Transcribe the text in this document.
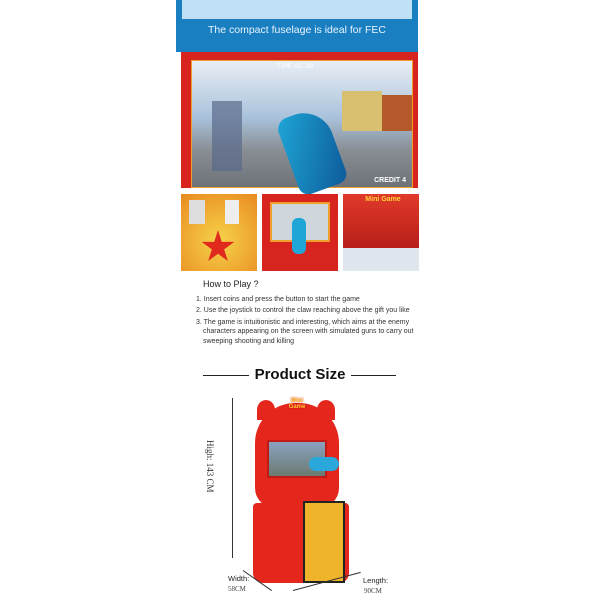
The compact fuselage is ideal for FEC
TIME 02:30
CREDIT 4
Mini Game
How to Play ?
1. Insert coins and press the button to start the game
2. Use the joystick to control the claw reaching above the gift you like
3. The game is intuitionistic and interesting, which aims at the enemy characters appearing on the screen with simulated guns to carry out sweeping shooting and killing
Product Size
Mini Game
High: 143 CM
Width:
58CM
Length:
90CM
